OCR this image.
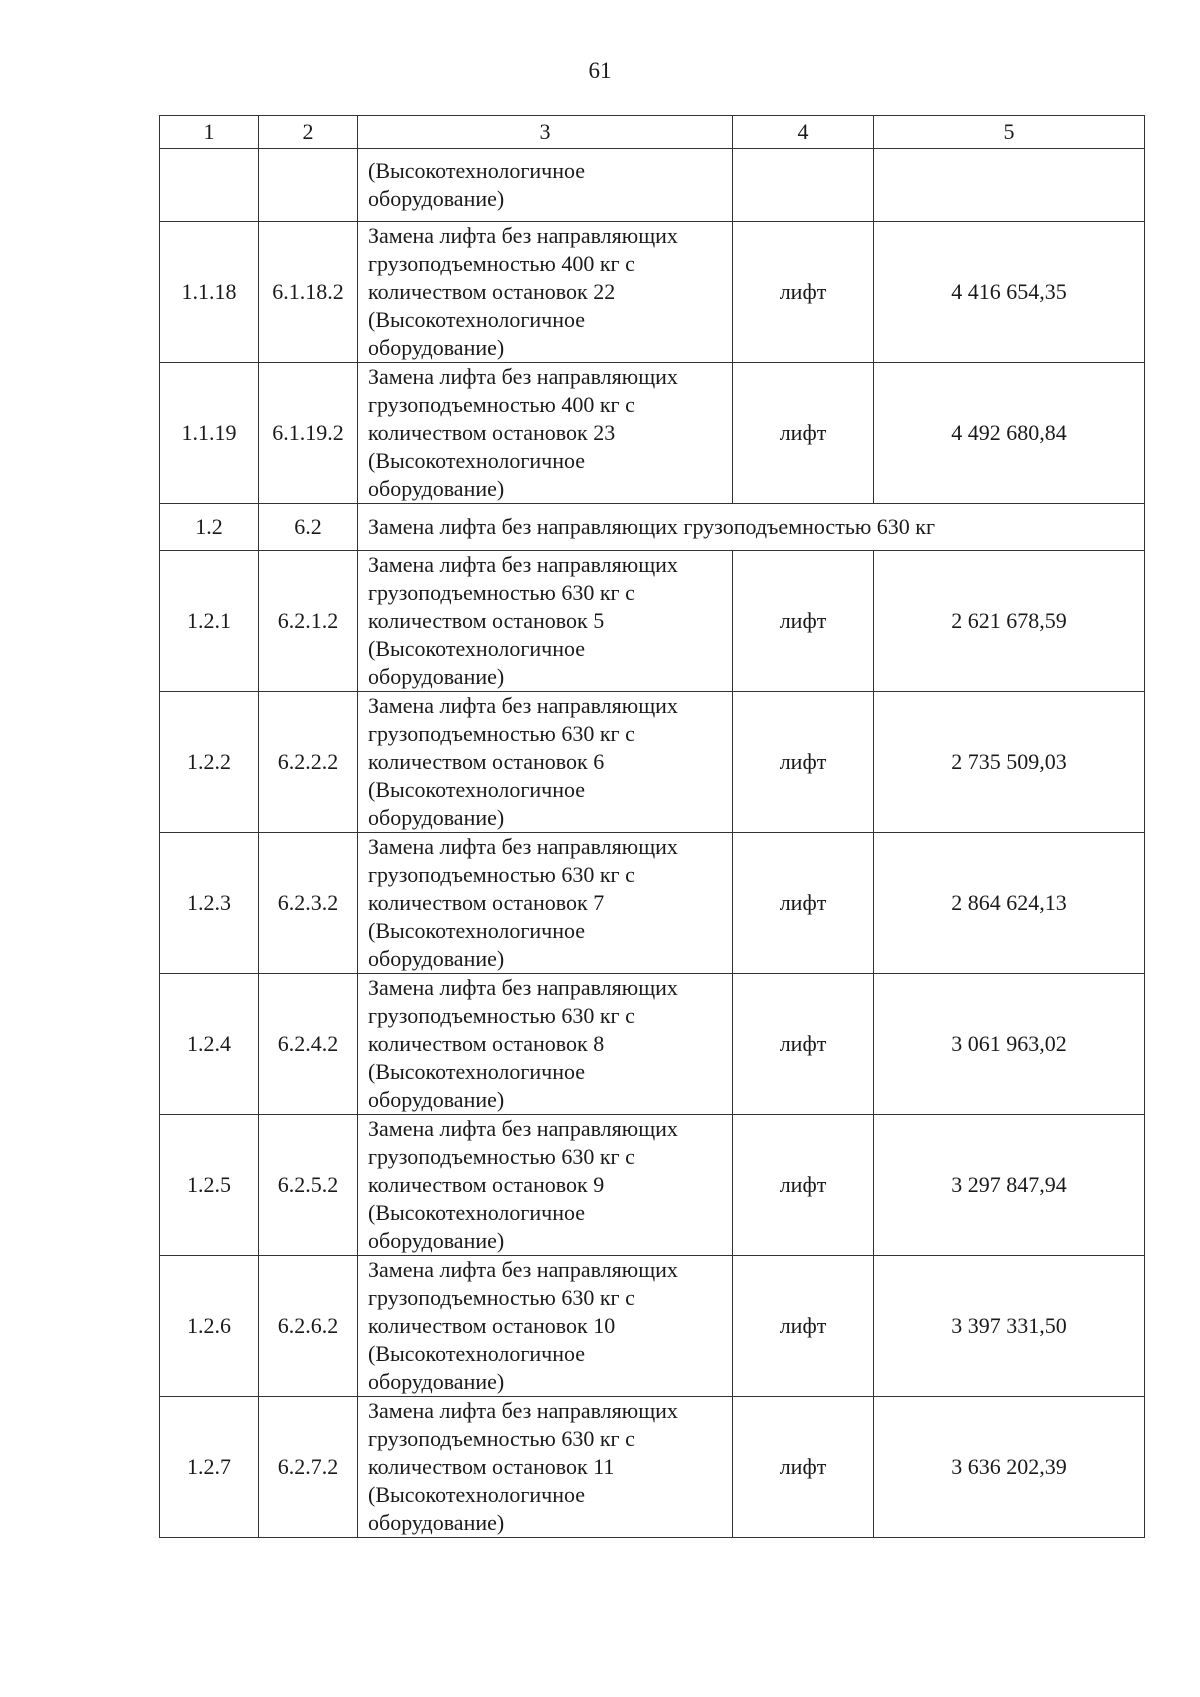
61
1	2	3	4	5

		(Высокотехнологичное
оборудование)		

1.1.18	6.1.18.2	Замена лифта без направляющих
грузоподъемностью 400 кг с
количеством остановок 22
(Высокотехнологичное
оборудование)	лифт	4 416 654,35
1.1.19	6.1.19.2	Замена лифта без направляющих
грузоподъемностью 400 кг с
количеством остановок 23
(Высокотехнологичное
оборудование)	лифт	4 492 680,84
1.2	6.2	Замена лифта без направляющих грузоподъемностью 630 кг		
1.2.1	6.2.1.2	Замена лифта без направляющих
грузоподъемностью 630 кг с
количеством остановок 5
(Высокотехнологичное
оборудование)	лифт	2 621 678,59
1.2.2	6.2.2.2	Замена лифта без направляющих
грузоподъемностью 630 кг с
количеством остановок 6
(Высокотехнологичное
оборудование)	лифт	2 735 509,03
1.2.3	6.2.3.2	Замена лифта без направляющих
грузоподъемностью 630 кг с
количеством остановок 7
(Высокотехнологичное
оборудование)	лифт	2 864 624,13
1.2.4	6.2.4.2	Замена лифта без направляющих
грузоподъемностью 630 кг с
количеством остановок 8
(Высокотехнологичное
оборудование)	лифт	3 061 963,02
1.2.5	6.2.5.2	Замена лифта без направляющих
грузоподъемностью 630 кг с
количеством остановок 9
(Высокотехнологичное
оборудование)	лифт	3 297 847,94
1.2.6	6.2.6.2	Замена лифта без направляющих
грузоподъемностью 630 кг с
количеством остановок 10
(Высокотехнологичное
оборудование)	лифт	3 397 331,50
1.2.7	6.2.7.2	Замена лифта без направляющих
грузоподъемностью 630 кг с
количеством остановок 11
(Высокотехнологичное
оборудование)	лифт	3 636 202,39
